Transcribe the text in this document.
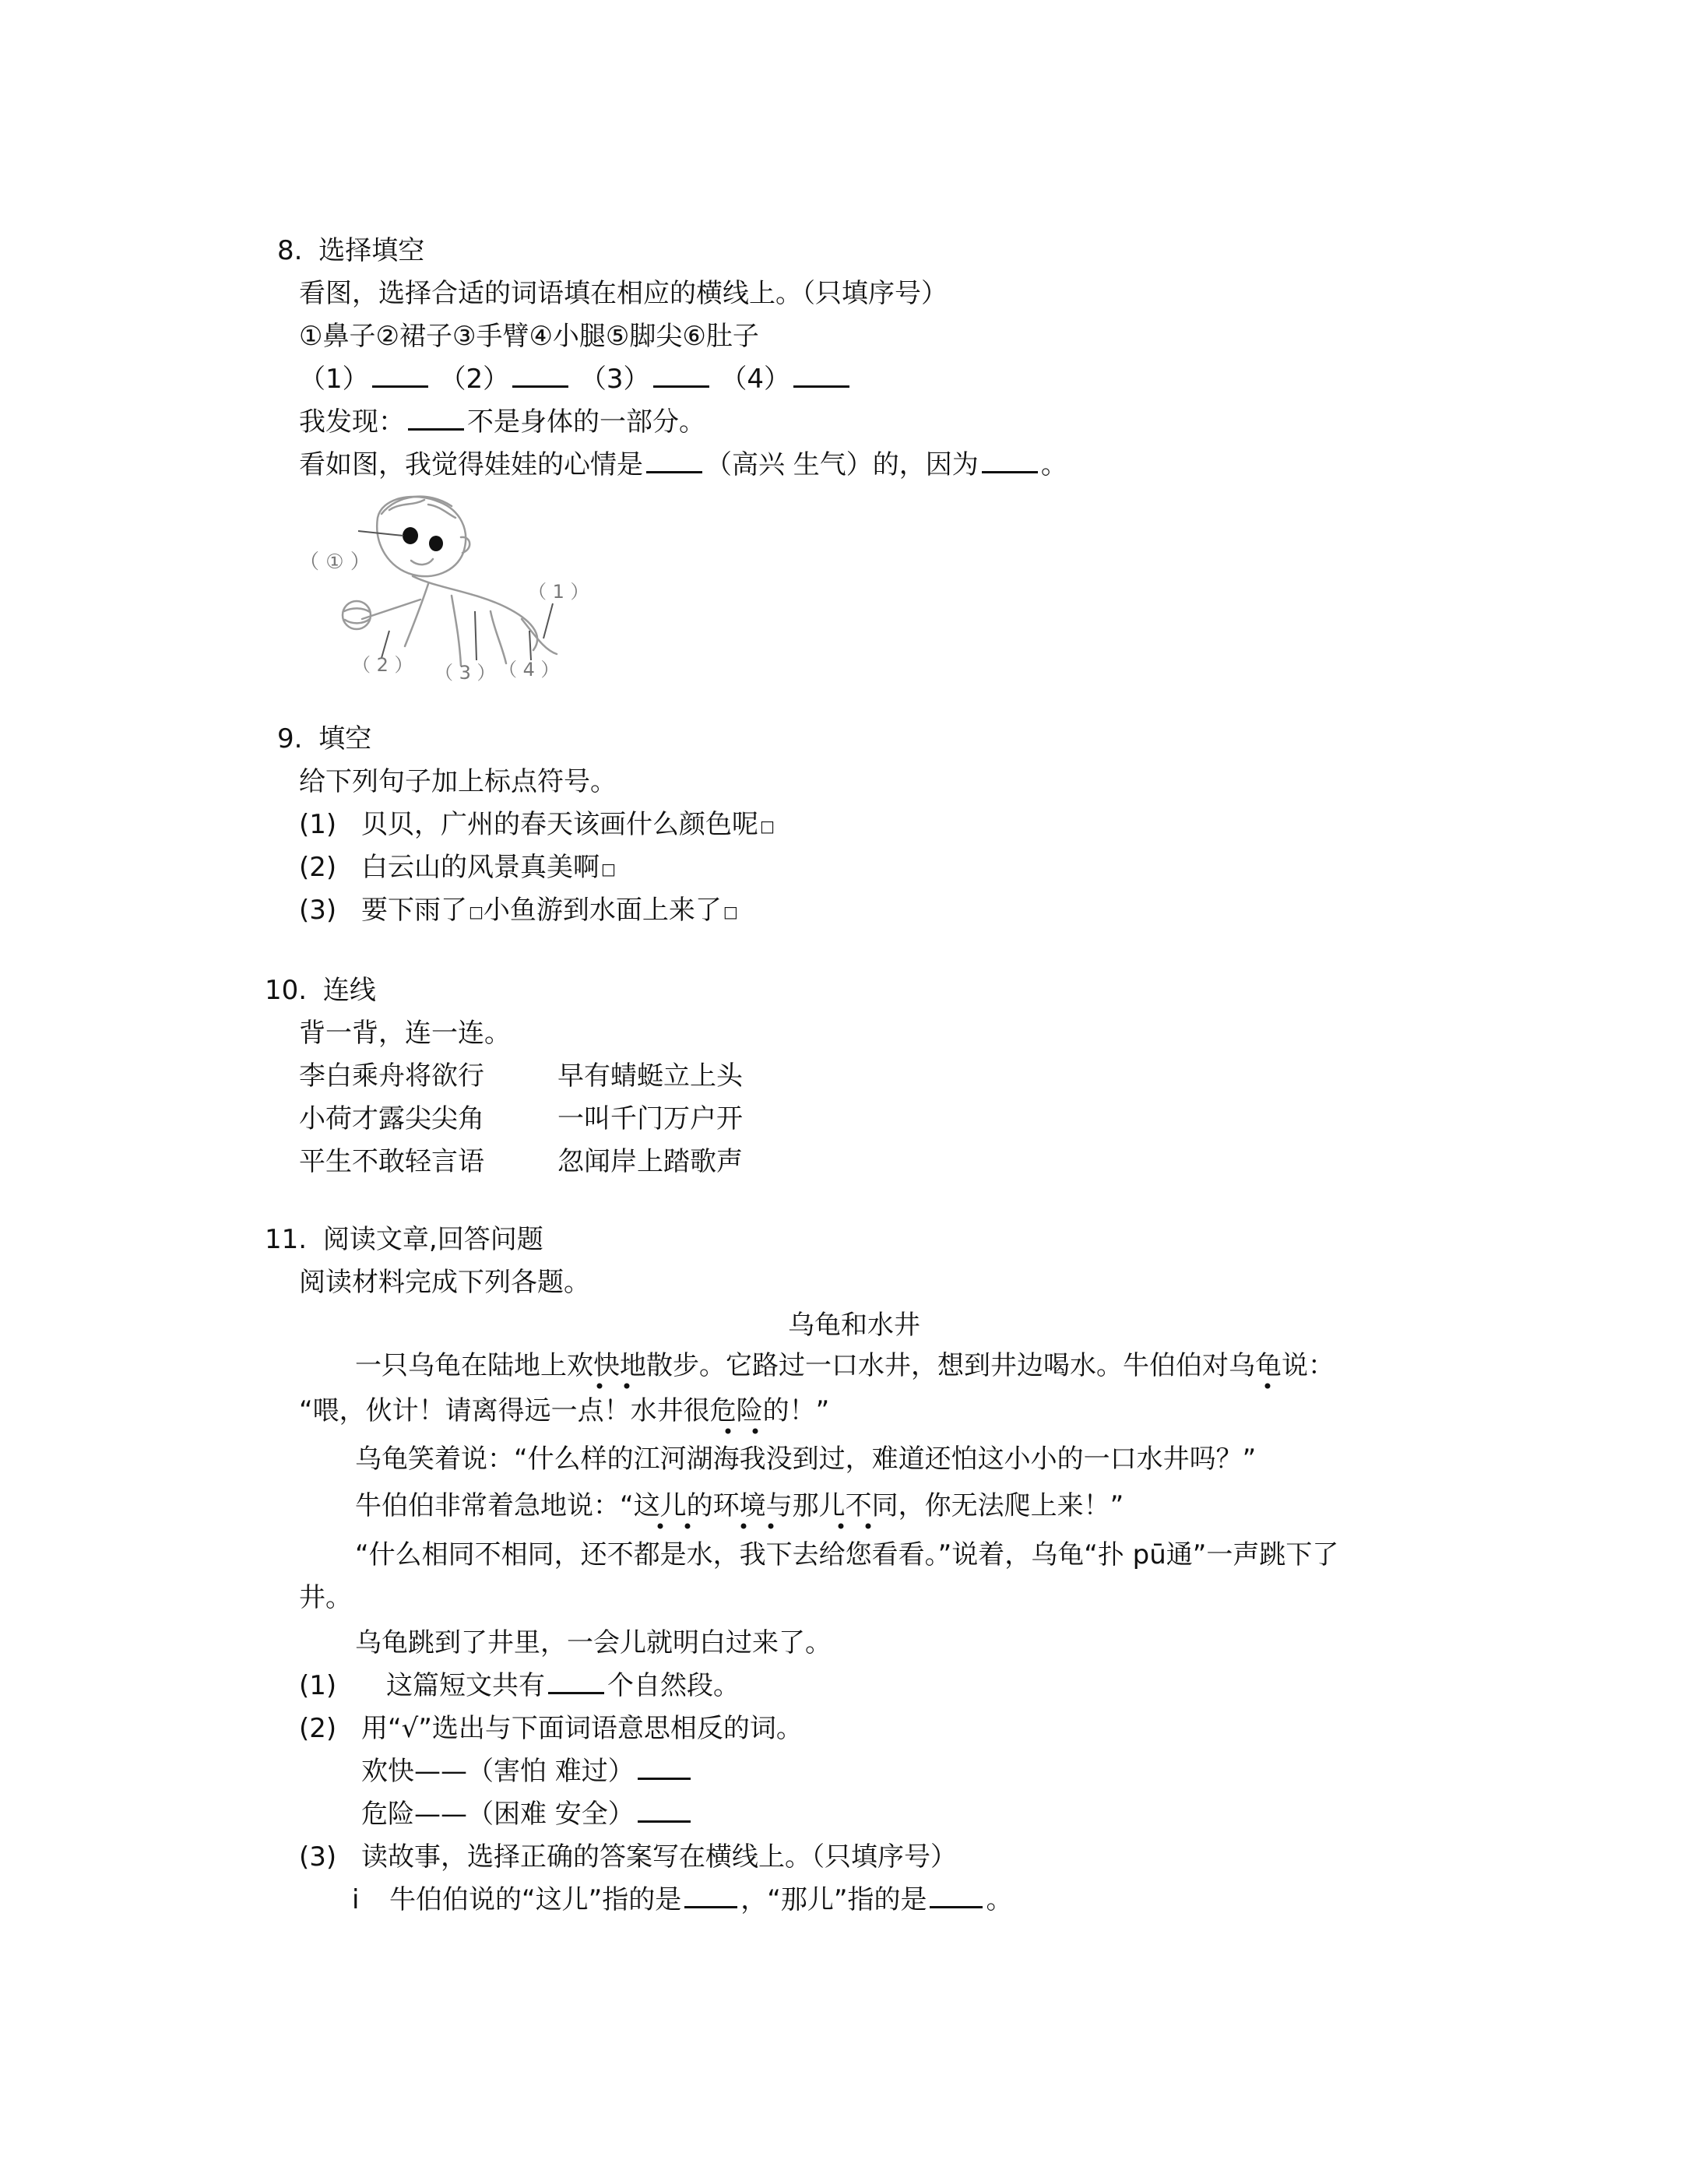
8. 选择填空
看图，选择合适的词语填在相应的横线上。（只填序号）
①鼻子②裙子③手臂④小腿⑤脚尖⑥肚子
（1）	（2）	（3）	（4）
我发现： 不是身体的一部分。
看如图，我觉得娃娃的心情是 （高兴 生气）的，因为 。
（ ① ）
（ 1 ）
（ 2 ） （ 3 ） （ 4 ）
9. 填空
给下列句子加上标点符号。
(1) 贝贝，广州的春天该画什么颜色呢 □
(2) 白云山的风景真美啊 □
(3) 要下雨了 □小鱼游到水面上来了 □
10. 连线
背一背，连一连。
李白乘舟将欲行	早有蜻蜓立上头
小荷才露尖尖角	一叫千门万户开
平生不敢轻言语	忽闻岸上踏歌声
11. 阅读文章,回答问题
阅读材料完成下列各题。
乌龟和水井
一只乌龟在陆地上欢快地散步。它路过一口水井，想到井边喝水。牛伯伯对乌龟说：
“喂，伙计！请离得远一点！水井很危险的！”
乌龟笑着说：“什么样的江河湖海我没到过，难道还怕这小小的一口水井吗？”
牛伯伯非常着急地说：“这儿的环境与那儿不同，你无法爬上来！”
“什么相同不相同，还不都是水，我下去给您看看。”说着，乌龟“扑 pū通”一声跳下了
井。
乌龟跳到了井里，一会儿就明白过来了。
(1) 这篇短文共有 个自然段。
(2) 用“√”选出与下面词语意思相反的词。
欢快——（害怕 难过）
危险——（困难 安全）
(3) 读故事，选择正确的答案写在横线上。（只填序号）
i 牛伯伯说的“这儿”指的是 ，“那儿”指的是 。
